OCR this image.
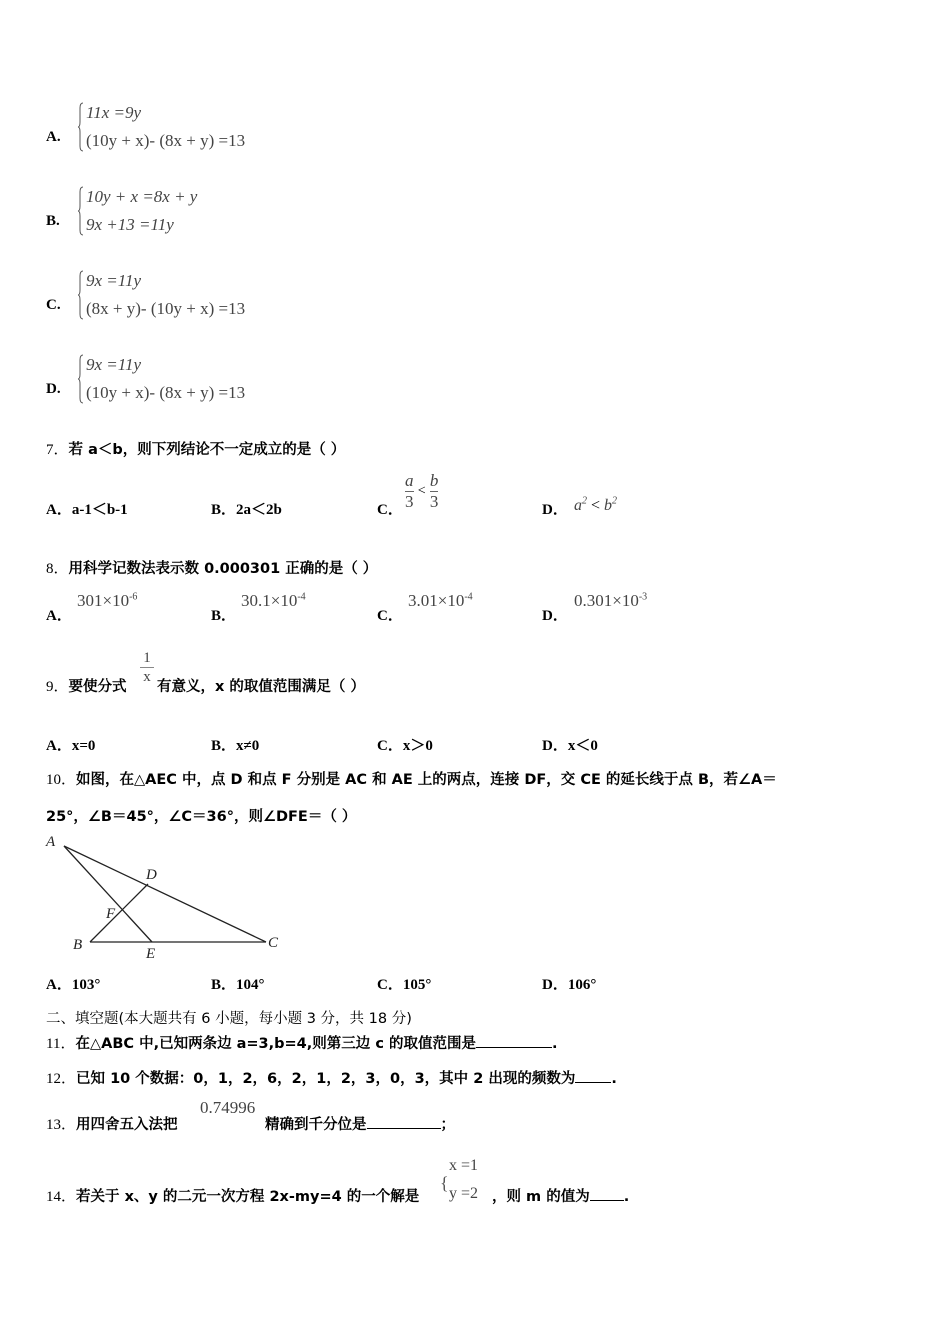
A.
11x =9y
(10y + x)- (8x + y) =13
B.
10y + x =8x + y
9x +13 =11y
C.
9x =11y
(8x + y)- (10y + x) =13
D.
9x =11y
(10y + x)- (8x + y) =13
7．若 a＜b，则下列结论不一定成立的是（ ）
A．a-1＜b-1	B．2a＜2b	C． $\frac{a}{3} < \frac{b}{3}$	D． $a^2 < b^2$
8．用科学记数法表示数 0.000301 正确的是（ ）
A．
$301\times 10^{-6}$
B．
$30.1\times 10^{-4}$
C．
$3.01\times 10^{-4}$
D．
$0.301\times 10^{-3}$
9．要使分式
1
x
有意义，x 的取值范围满足（ ）
A．x=0	B．x≠0	C．x＞0	D．x＜0
10．如图，在△AEC 中，点 D 和点 F 分别是 AC 和 AE 上的两点，连接 DF，交 CE 的延长线于点 B，若∠A＝
25°，∠B＝45°，∠C＝36°，则∠DFE＝（ ）
A
D
F
B
E
C
A．103°	B．104°	C．105°	D．106°
二、填空题(本大题共有 6 小题，每小题 3 分，共 18 分)
11．在△ABC 中,已知两条边 a=3,b=4,则第三边 c 的取值范围是	.
12．已知 10 个数据：0，1，2，6，2，1，2，3，0，3，其中 2 出现的频数为 .
13．用四舍五入法把
0.74996
精确到千分位是	；
14．若关于 x、y 的二元一次方程 2x-my=4 的一个解是
{
x =1
y =2 ，则 m 的值为 .
